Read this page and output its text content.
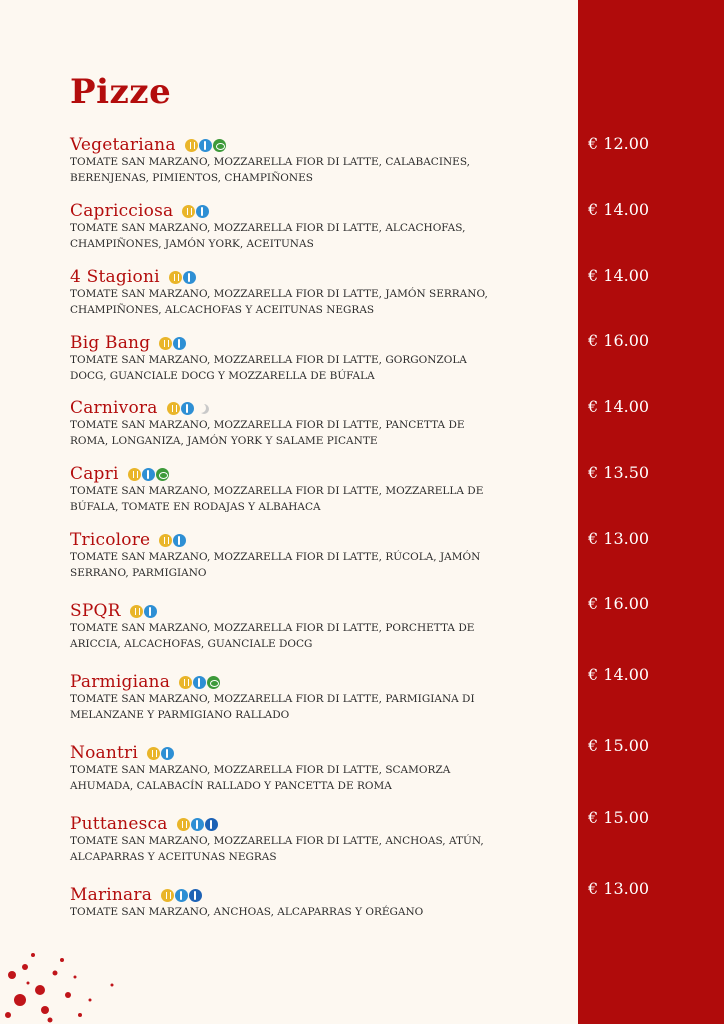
Pizze
Vegetariana
TOMATE SAN MARZANO, MOZZARELLA FIOR DI LATTE, CALABACINES, BERENJENAS, PIMIENTOS, CHAMPIÑONES
€ 12.00
Capricciosa
TOMATE SAN MARZANO, MOZZARELLA FIOR DI LATTE, ALCACHOFAS, CHAMPIÑONES, JAMÓN YORK, ACEITUNAS
€ 14.00
4 Stagioni
TOMATE SAN MARZANO, MOZZARELLA FIOR DI LATTE, JAMÓN SERRANO, CHAMPIÑONES, ALCACHOFAS Y ACEITUNAS NEGRAS
€ 14.00
Big Bang
TOMATE SAN MARZANO, MOZZARELLA FIOR DI LATTE, GORGONZOLA DOCG, GUANCIALE DOCG Y MOZZARELLA DE BÚFALA
€ 16.00
Carnivora
TOMATE SAN MARZANO, MOZZARELLA FIOR DI LATTE, PANCETTA DE ROMA, LONGANIZA, JAMÓN YORK Y SALAME PICANTE
€ 14.00
Capri
TOMATE SAN MARZANO, MOZZARELLA FIOR DI LATTE, MOZZARELLA DE BÚFALA, TOMATE EN RODAJAS Y ALBAHACA
€ 13.50
Tricolore
TOMATE SAN MARZANO, MOZZARELLA FIOR DI LATTE, RÚCOLA, JAMÓN SERRANO, PARMIGIANO
€ 13.00
SPQR
TOMATE SAN MARZANO, MOZZARELLA FIOR DI LATTE, PORCHETTA DE ARICCIA, ALCACHOFAS, GUANCIALE DOCG
€ 16.00
Parmigiana
TOMATE SAN MARZANO, MOZZARELLA FIOR DI LATTE, PARMIGIANA DI MELANZANE Y PARMIGIANO RALLADO
€ 14.00
Noantri
TOMATE SAN MARZANO, MOZZARELLA FIOR DI LATTE, SCAMORZA AHUMADA, CALABACÍN RALLADO Y PANCETTA DE ROMA
€ 15.00
Puttanesca
TOMATE SAN MARZANO, MOZZARELLA FIOR DI LATTE, ANCHOAS, ATÚN, ALCAPARRAS Y ACEITUNAS NEGRAS
€ 15.00
Marinara
TOMATE SAN MARZANO, ANCHOAS, ALCAPARRAS Y ORÉGANO
€ 13.00
